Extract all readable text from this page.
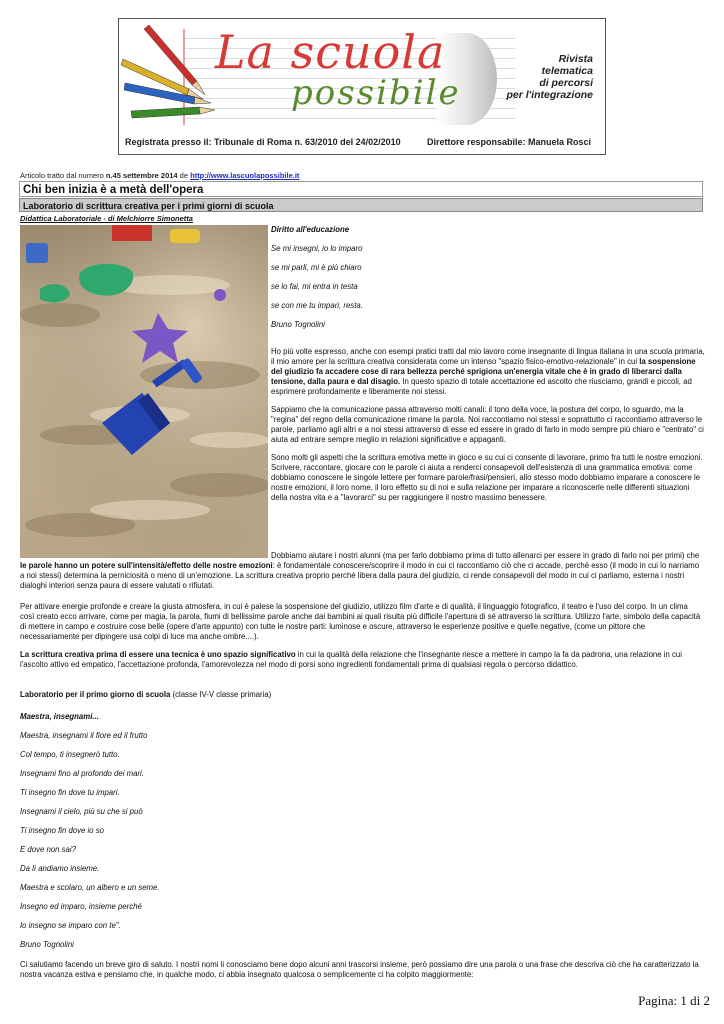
La scuola
possibile
Rivista
telematica
di percorsi
per l'integrazione
Registrata presso il: Tribunale di Roma n. 63/2010 del 24/02/2010	Direttore responsabile: Manuela Rosci
Articolo tratto dal numero n.45 settembre 2014 de http://www.lascuolapossibile.it
Chi ben inizia è a metà dell'opera
Laboratorio di scrittura creativa per i primi giorni di scuola
Didattica Laboratoriale - di Melchiorre Simonetta

Diritto all'educazione

Se mi insegni, io lo imparo

se mi parli, mi è più chiaro

se lo fai, mi entra in testa

se con me tu impari, resta.

Bruno Tognolini

Ho più volte espresso, anche con esempi pratici tratti dal mio lavoro come insegnante di lingua italiana in una scuola primaria, il mio amore per la scrittura creativa considerata come un intenso "spazio fisico-emotivo-relazionale" in cui la sospensione del giudizio fa accadere cose di rara bellezza perché sprigiona un'energia vitale che è in grado di liberarci dalla tensione, dalla paura e dal disagio. In questo spazio di totale accettazione ed ascolto che riusciamo, grandi e piccoli, ad esprimere profondamente e liberamente noi stessi.

Sappiamo che la comunicazione passa attraverso molti canali: il tono della voce, la postura del corpo, lo sguardo, ma la "regina" del regno della comunicazione rimane la parola. Noi raccontiamo noi stessi e soprattutto ci raccontiamo attraverso le parole, parliamo agli altri e a noi stessi attraverso di esse ed essere in grado di farlo in modo sempre più chiaro e "centrato" ci aiuta ad entrare sempre meglio in relazioni significative e appaganti.

Sono molti gli aspetti che la scrittura emotiva mette in gioco e su cui ci consente di lavorare, primo fra tutti le nostre emozioni. Scrivere, raccontare, giocare con le parole ci aiuta a renderci consapevoli dell'esistenza di una grammatica emotiva: come dobbiamo conoscere le singole lettere per formare parole/frasi/pensieri, allo stesso modo dobbiamo imparare a conoscere le nostre emozioni, il loro nome, il loro effetto su di noi e sulla relazione per imparare a riconoscerle nelle differenti situazioni della nostra vita e a "lavorarci" su per raggiungere il nostro massimo benessere.

Dobbiamo aiutare i nostri alunni (ma per farlo dobbiamo prima di tutto allenarci per essere in grado di farlo noi per primi) che le parole hanno un potere sull'intensità/effetto delle nostre emozioni: è fondamentale conoscere/scoprire il modo in cui ci raccontiamo ciò che ci accade, perché esso (il modo in cui lo narriamo a noi stessi) determina la perniciosità o meno di un'emozione. La scrittura creativa proprio perché libera dalla paura del giudizio, ci rende consapevoli del modo in cui ci parliamo, esterna i nostri dialoghi interiori senza paura di essere valutati o rifiutati.
Per attivare energie profonde e creare la giusta atmosfera, in cui è palese la sospensione del giudizio, utilizzo film d'arte e di qualità, il linguaggio fotografico, il teatro e l'uso del corpo. In un clima così creato ecco arrivare, come per magia, la parola, fiumi di bellissime parole anche dai bambini ai quali risulta più difficile l'apertura di sé attraverso la scrittura. Utilizzo l'arte, simbolo della capacità di mettere in campo e costruire cose belle (opere d'arte appunto) con tutte le nostre parti: luminose e oscure, attraverso le esperienze positive e quelle negative, (come un pittore che necessariamente per dipingere usa colpi di luce ma anche ombre....).
La scrittura creativa prima di essere una tecnica è uno spazio significativo in cui la qualità della relazione che l'insegnante riesce a mettere in campo la fa da padrona, una relazione in cui l'ascolto attivo ed empatico, l'accettazione profonda, l'amorevolezza nel modo di porsi sono ingredienti fondamentali prima di qualsiasi regola o percorso didattico.
Laboratorio per il primo giorno di scuola (classe IV-V classe primaria)
Maestra, insegnami...
Maestra, insegnami il fiore ed il frutto
Col tempo, ti insegnerò tutto.
Insegnami fino al profondo dei mari.
Ti insegno fin dove tu impari.
Insegnami il cielo, più su che si può
Ti insegno fin dove io so
E dove non sai?
Da lì andiamo insieme.
Maestra e scolaro, un albero e un seme.
Insegno ed imparo, insieme perché
Io insegno se imparo con te".
Bruno Tognolini
Ci salutiamo facendo un breve giro di saluto. I nostri nomi li conosciamo bene dopo alcuni anni trascorsi insieme, però possiamo dire una parola o una frase che descriva ciò che ha caratterizzato la nostra vacanza estiva e pensiamo che, in qualche modo, ci abbia insegnato qualcosa o semplicemente ci ha colpito maggiormente:
Pagina: 1 di 2
